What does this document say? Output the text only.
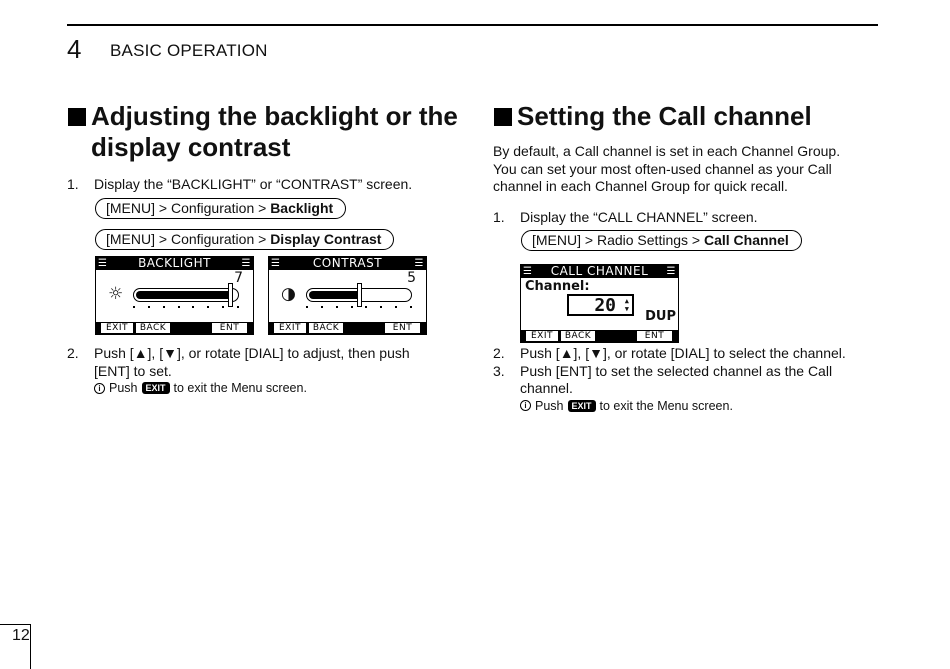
4 BASIC OPERATION
Adjusting the backlight or the
display contrast
1.	Display the “BACKLIGHT” or “CONTRAST” screen.
[MENU] > Configuration > Backlight
[MENU] > Configuration > Display Contrast
☰	BACKLIGHT	☰
7
☼
EXIT	BACK	ENT
☰	CONTRAST	☰
5
◑
EXIT	BACK	ENT
2.	Push [▲], [▼], or rotate [DIAL] to adjust, then push
[ENT] to set.
i Push EXIT to exit the Menu screen.
Setting the Call channel
By default, a Call channel is set in each Channel Group.
You can set your most often-used channel as your Call
channel in each Channel Group for quick recall.
1.	Display the “CALL CHANNEL” screen.
[MENU] > Radio Settings > Call Channel
☰ CALL CHANNEL ☰
Channel:
20 ▲
▼ DUP
EXIT	BACK	ENT
2.	Push [▲], [▼], or rotate [DIAL] to select the channel.
3.	Push [ENT] to set the selected channel as the Call
channel.
i Push EXIT to exit the Menu screen.
12
